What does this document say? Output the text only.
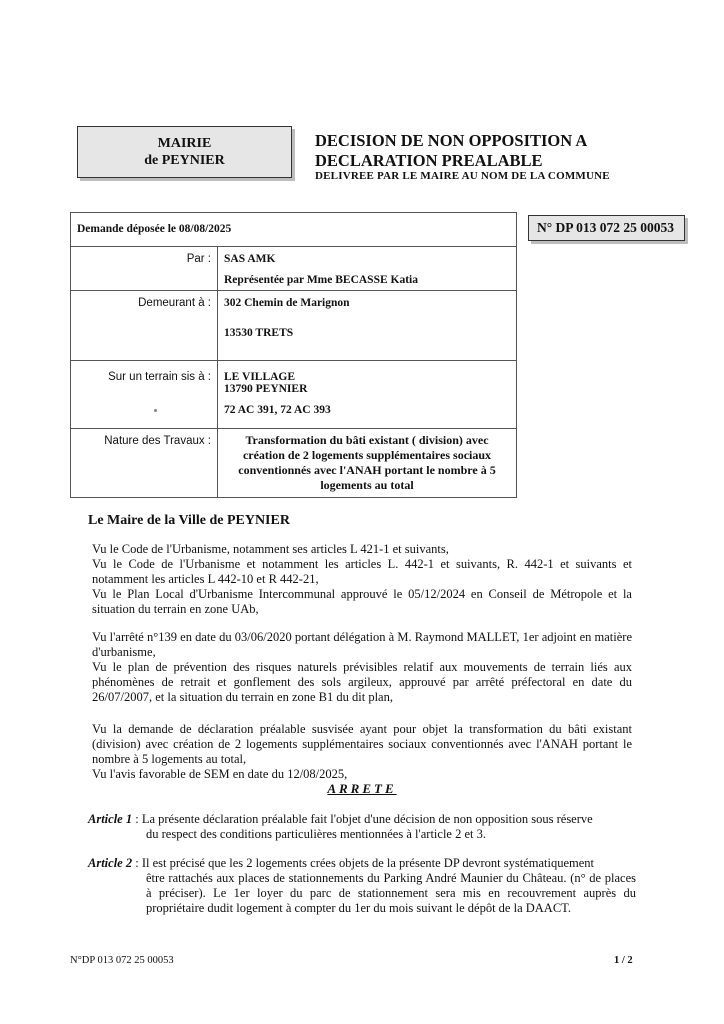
MAIRIE
de PEYNIER
DECISION DE NON OPPOSITION A
DECLARATION PREALABLE
DELIVREE PAR LE MAIRE AU NOM DE LA COMMUNE
N° DP 013 072 25 00053
Demande déposée le 08/08/2025	
Par :	SAS AMK
Représentée par Mme BECASSE Katia

Demeurant à :	302 Chemin de Marignon
13530 TRETS

Sur un terrain sis à :	LE VILLAGE
13790 PEYNIER
72 AC 391, 72 AC 393

Nature des Travaux :	Transformation du bâti existant ( division) avec création de 2 logements supplémentaires sociaux conventionnés avec l'ANAH portant le nombre à 5 logements au total
Le Maire de la Ville de PEYNIER

Vu le Code de l'Urbanisme, notamment ses articles L 421-1 et suivants,

Vu le Code de l'Urbanisme et notamment les articles L. 442-1 et suivants, R. 442-1 et suivants et notamment les articles L 442-10 et R 442-21,

Vu le Plan Local d'Urbanisme Intercommunal approuvé le 05/12/2024 en Conseil de Métropole et la situation du terrain en zone UAb,

Vu l'arrêté n°139 en date du 03/06/2020 portant délégation à M. Raymond MALLET, 1er adjoint en matière d'urbanisme,

Vu le plan de prévention des risques naturels prévisibles relatif aux mouvements de terrain liés aux phénomènes de retrait et gonflement des sols argileux, approuvé par arrêté préfectoral en date du 26/07/2007, et la situation du terrain en zone B1 du dit plan,

Vu la demande de déclaration préalable susvisée ayant pour objet la transformation du bâti existant (division) avec création de 2 logements supplémentaires sociaux conventionnés avec l'ANAH portant le nombre à 5 logements au total,

Vu l'avis favorable de SEM en date du 12/08/2025,

ARRETE
Article 1 : La présente déclaration préalable fait l'objet d'une décision de non opposition sous réserve
du respect des conditions particulières mentionnées à l'article 2 et 3.
Article 2 : Il est précisé que les 2 logements crées objets de la présente DP devront systématiquement
être rattachés aux places de stationnements du Parking André Maunier du Château. (n° de places à préciser). Le 1er loyer du parc de stationnement sera mis en recouvrement auprès du propriétaire dudit logement à compter du 1er du mois suivant le dépôt de la DAACT.
N°DP 013 072 25 00053	1 / 2
